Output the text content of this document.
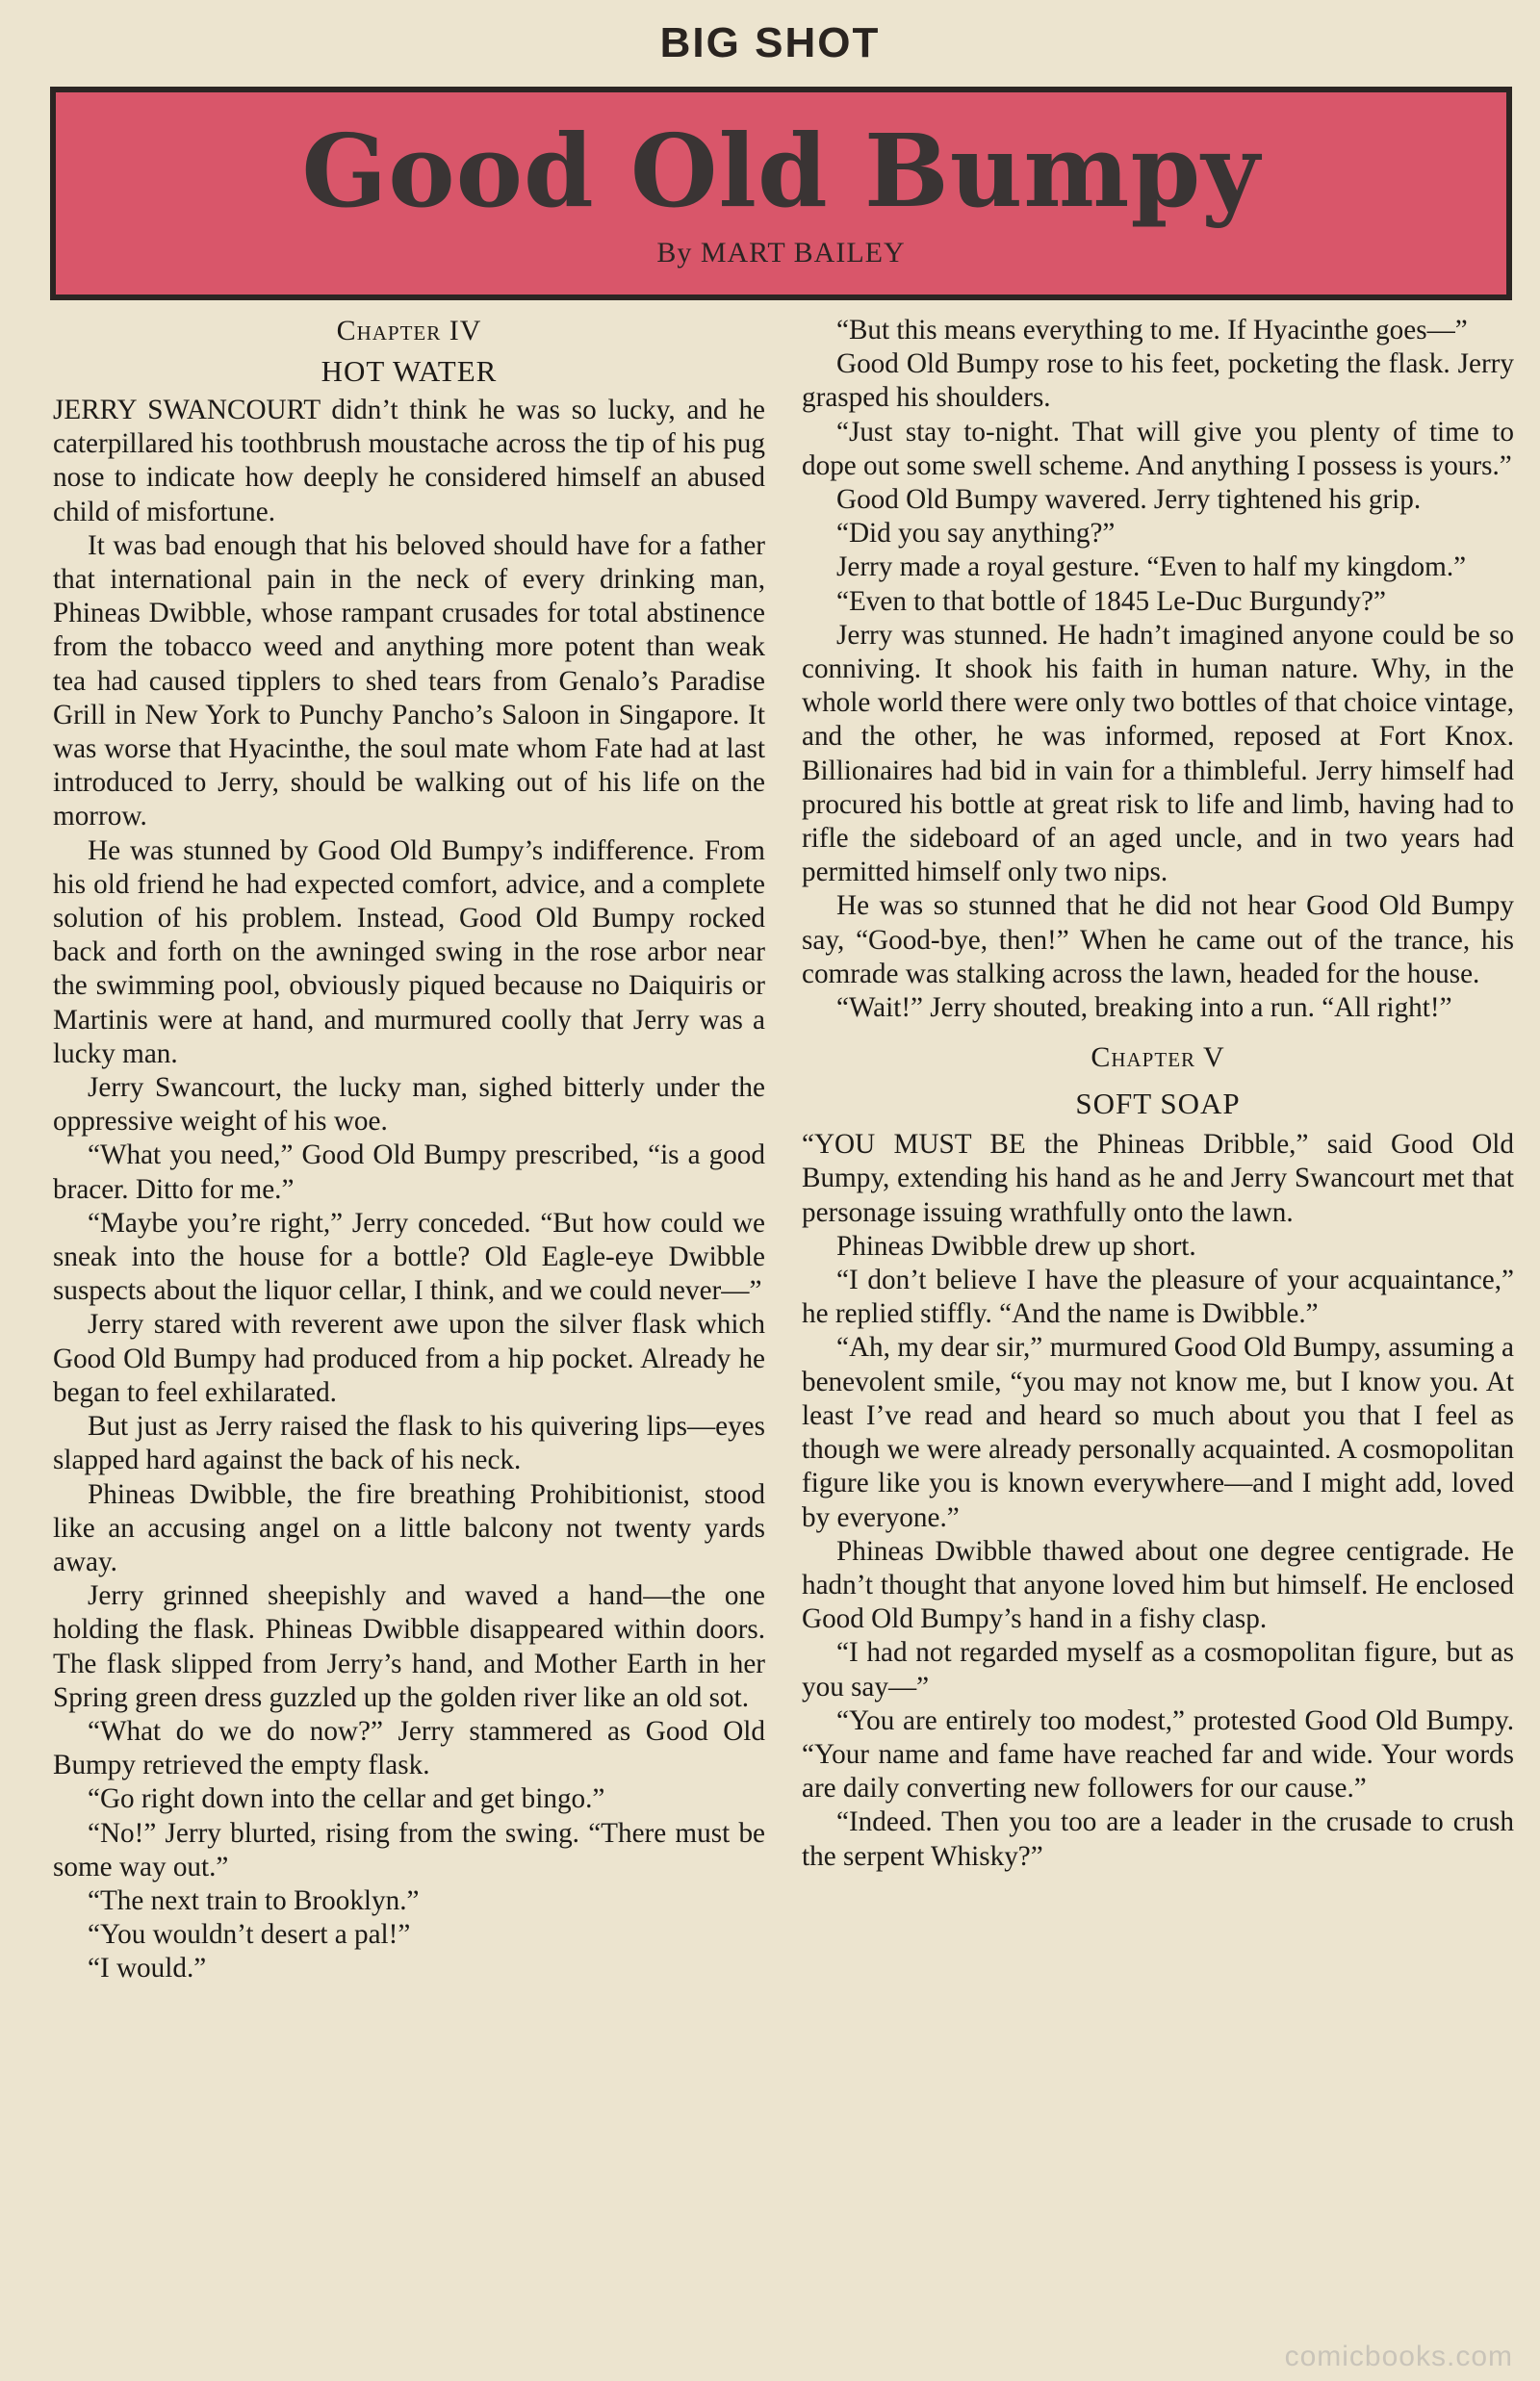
BIG SHOT
Good Old Bumpy
By MART BAILEY
Chapter IV
HOT WATER

JERRY SWANCOURT didn’t think he was so lucky, and he caterpillared his toothbrush moustache across the tip of his pug nose to indicate how deeply he considered himself an abused child of misfortune.

It was bad enough that his beloved should have for a father that international pain in the neck of every drinking man, Phineas Dwibble, whose rampant crusades for total abstinence from the tobacco weed and anything more potent than weak tea had caused tipplers to shed tears from Genalo’s Paradise Grill in New York to Punchy Pancho’s Saloon in Singapore. It was worse that Hyacinthe, the soul mate whom Fate had at last introduced to Jerry, should be walking out of his life on the morrow.

He was stunned by Good Old Bumpy’s indifference. From his old friend he had expected comfort, advice, and a complete solution of his problem. Instead, Good Old Bumpy rocked back and forth on the awninged swing in the rose arbor near the swimming pool, obviously piqued because no Daiquiris or Martinis were at hand, and murmured coolly that Jerry was a lucky man.

Jerry Swancourt, the lucky man, sighed bitterly under the oppressive weight of his woe.

“What you need,” Good Old Bumpy prescribed, “is a good bracer. Ditto for me.”

“Maybe you’re right,” Jerry conceded. “But how could we sneak into the house for a bottle? Old Eagle-eye Dwibble suspects about the liquor cellar, I think, and we could never—”

Jerry stared with reverent awe upon the silver flask which Good Old Bumpy had produced from a hip pocket. Already he began to feel exhilarated.

But just as Jerry raised the flask to his quivering lips—eyes slapped hard against the back of his neck.

Phineas Dwibble, the fire breathing Prohibitionist, stood like an accusing angel on a little balcony not twenty yards away.

Jerry grinned sheepishly and waved a hand—the one holding the flask. Phineas Dwibble disappeared within doors. The flask slipped from Jerry’s hand, and Mother Earth in her Spring green dress guzzled up the golden river like an old sot.

“What do we do now?” Jerry stammered as Good Old Bumpy retrieved the empty flask.

“Go right down into the cellar and get bingo.”

“No!” Jerry blurted, rising from the swing. “There must be some way out.”

“The next train to Brooklyn.”

“You wouldn’t desert a pal!”

“I would.”

“But this means everything to me. If Hyacinthe goes—”

Good Old Bumpy rose to his feet, pocketing the flask. Jerry grasped his shoulders.

“Just stay to-night. That will give you plenty of time to dope out some swell scheme. And anything I possess is yours.”

Good Old Bumpy wavered. Jerry tightened his grip.

“Did you say anything?”

Jerry made a royal gesture. “Even to half my kingdom.”

“Even to that bottle of 1845 Le-Duc Burgundy?”

Jerry was stunned. He hadn’t imagined anyone could be so conniving. It shook his faith in human nature. Why, in the whole world there were only two bottles of that choice vintage, and the other, he was informed, reposed at Fort Knox. Billionaires had bid in vain for a thimbleful. Jerry himself had procured his bottle at great risk to life and limb, having had to rifle the sideboard of an aged uncle, and in two years had permitted himself only two nips.

He was so stunned that he did not hear Good Old Bumpy say, “Good-bye, then!” When he came out of the trance, his comrade was stalking across the lawn, headed for the house.

“Wait!” Jerry shouted, breaking into a run. “All right!”

Chapter V
SOFT SOAP

“YOU MUST BE the Phineas Dribble,” said Good Old Bumpy, extending his hand as he and Jerry Swancourt met that personage issuing wrathfully onto the lawn.

Phineas Dwibble drew up short.

“I don’t believe I have the pleasure of your acquaintance,” he replied stiffly. “And the name is Dwibble.”

“Ah, my dear sir,” murmured Good Old Bumpy, assuming a benevolent smile, “you may not know me, but I know you. At least I’ve read and heard so much about you that I feel as though we were already personally acquainted. A cosmopolitan figure like you is known everywhere—and I might add, loved by everyone.”

Phineas Dwibble thawed about one degree centigrade. He hadn’t thought that anyone loved him but himself. He enclosed Good Old Bumpy’s hand in a fishy clasp.

“I had not regarded myself as a cosmopolitan figure, but as you say—”

“You are entirely too modest,” protested Good Old Bumpy. “Your name and fame have reached far and wide. Your words are daily converting new followers for our cause.”

“Indeed. Then you too are a leader in the crusade to crush the serpent Whisky?”

comicbooks.com
